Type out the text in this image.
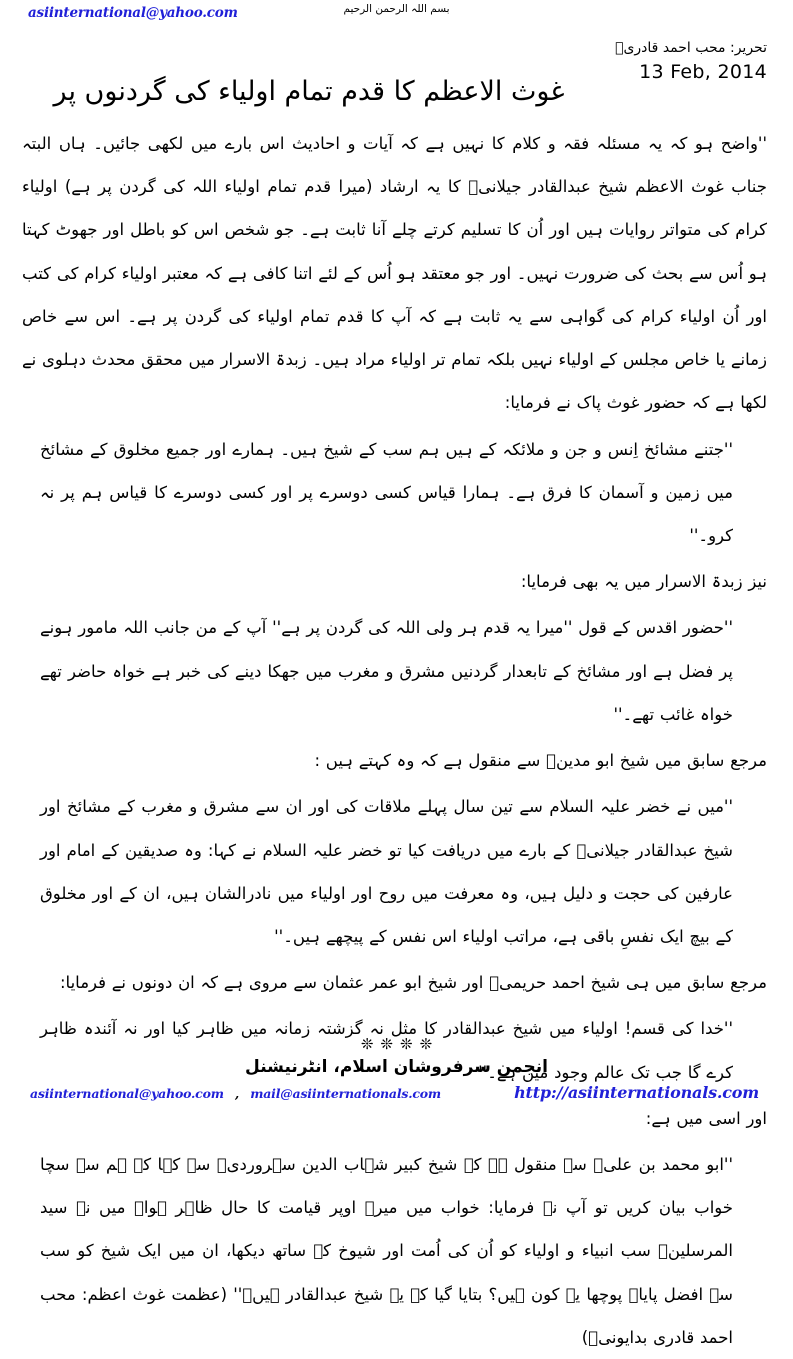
asiinternational@yahoo.com	بسم اللہ الرحمن الرحیم
تحریر: محب احمد قادریؒ
13 Feb, 2014
غوث الاعظم کا قدم تمام اولیاء کی گردنوں پر

''واضح ہو کہ یہ مسئلہ فقہ و کلام کا نہیں ہے کہ آیات و احادیث اس بارے میں لکھی جائیں۔ ہاں البتہ جناب غوث الاعظم شیخ عبدالقادر جیلانیؒ کا یہ ارشاد (میرا قدم تمام اولیاء اللہ کی گردن پر ہے) اولیاء کرام کی متواتر روایات ہیں اور اُن کا تسلیم کرتے چلے آنا ثابت ہے۔ جو شخص اس کو باطل اور جھوٹ کہتا ہو اُس سے بحث کی ضرورت نہیں۔ اور جو معتقد ہو اُس کے لئے اتنا کافی ہے کہ معتبر اولیاء کرام کی کتب اور اُن اولیاء کرام کی گواہی سے یہ ثابت ہے کہ آپ کا قدم تمام اولیاء کی گردن پر ہے۔ اس سے خاص زمانے یا خاص مجلس کے اولیاء نہیں بلکہ تمام تر اولیاء مراد ہیں۔ زبدۃ الاسرار میں محقق محدث دہلوی نے لکھا ہے کہ حضور غوث پاک نے فرمایا:

''جتنے مشائخ اِنس و جن و ملائکہ کے ہیں ہم سب کے شیخ ہیں۔ ہمارے اور جمیع مخلوق کے مشائخ میں زمین و آسمان کا فرق ہے۔ ہمارا قیاس کسی دوسرے پر اور کسی دوسرے کا قیاس ہم پر نہ کرو۔''

نیز زبدۃ الاسرار میں یہ بھی فرمایا:

''حضور اقدس کے قول ''میرا یہ قدم ہر ولی اللہ کی گردن پر ہے'' آپ کے من جانب اللہ مامور ہونے پر فضل ہے اور مشائخ کے تابعدار گردنیں مشرق و مغرب میں جھکا دینے کی خبر ہے خواہ حاضر تھے خواہ غائب تھے۔''

مرجع سابق میں شیخ ابو مدینؒ سے منقول ہے کہ وہ کہتے ہیں :

''میں نے خضر علیہ السلام سے تین سال پہلے ملاقات کی اور ان سے مشرق و مغرب کے مشائخ اور شیخ عبدالقادر جیلانیؒ کے بارے میں دریافت کیا تو خضر علیہ السلام نے کہا: وہ صدیقین کے امام اور عارفین کی حجت و دلیل ہیں، وہ معرفت میں روح اور اولیاء میں نادرالشان ہیں، ان کے اور مخلوق کے بیچ ایک نفسِ باقی ہے، مراتب اولیاء اس نفس کے پیچھے ہیں۔''

مرجع سابق میں ہی شیخ احمد حریمیؒ اور شیخ ابو عمر عثمان سے مروی ہے کہ ان دونوں نے فرمایا:

''خدا کی قسم! اولیاء میں شیخ عبدالقادر کا مثل نہ گزشتہ زمانہ میں ظاہر کیا اور نہ آئندہ ظاہر کرے گا جب تک عالم وجود میں ہے۔''

اور اسی میں ہے:

''ابو محمد بن علیؒ سے منقول ہے کہ شیخ کبیر شہاب الدین سہروردیؒ سے کہا کہ ہم سے سچا خواب بیان کریں تو آپ نے فرمایا: خواب میں میرے اوپر قیامت کا حال ظاہر ہوا۔ میں نے سید المرسلینؐ سب انبیاء و اولیاء کو اُن کی اُمت اور شیوخ کے ساتھ دیکھا، ان میں ایک شیخ کو سب سے افضل پایا۔ پوچھا یہ کون ہیں؟ بتایا گیا کہ یہ شیخ عبدالقادر ہیں۔'' (عظمت غوث اعظم: محب احمد قادری بدایونیؒ)

❊❊❊❊
انجمن سرفروشان اسلام، انٹرنیشنل
asiinternational@yahoo.com , mail@asiinternationals.com	http://asiinternationals.com
